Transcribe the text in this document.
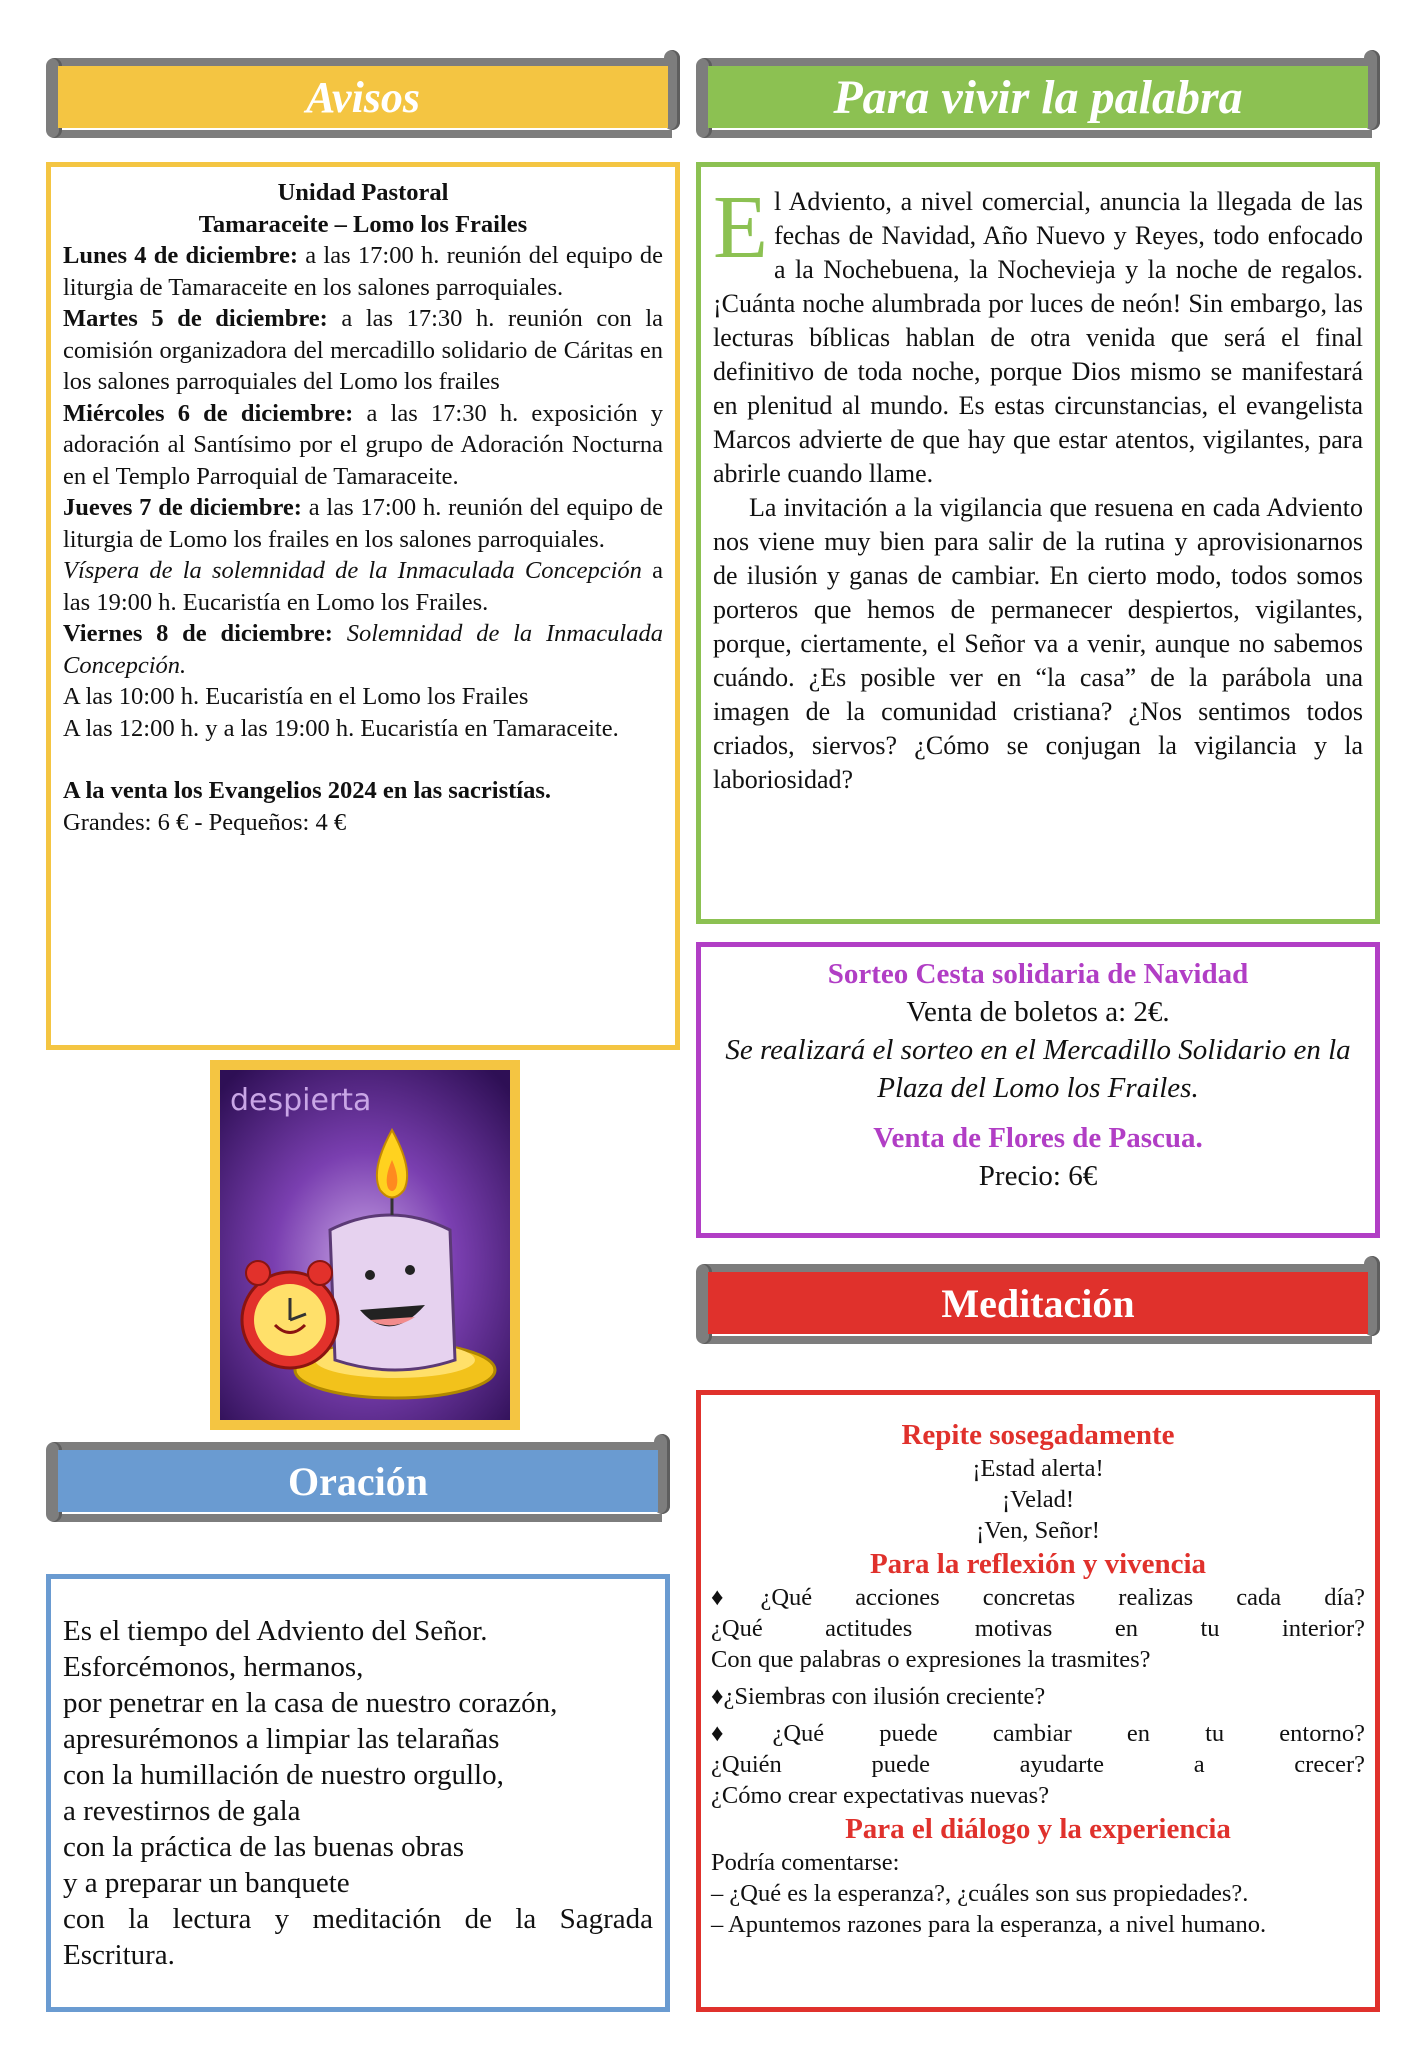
Avisos
Unidad Pastoral
Tamaraceite – Lomo los Frailes
Lunes 4 de diciembre: a las 17:00 h. reunión del equipo de liturgia de Tamaraceite en los salones parroquiales.
Martes 5 de diciembre: a las 17:30 h. reunión con la comisión organizadora del mercadillo solidario de Cáritas en los salones parroquiales del Lomo los frailes
Miércoles 6 de diciembre: a las 17:30 h. exposición y adoración al Santísimo por el grupo de Adoración Nocturna en el Templo Parroquial de Tamaraceite.
Jueves 7 de diciembre: a las 17:00 h. reunión del equipo de liturgia de Lomo los frailes en los salones parroquiales.
Víspera de la solemnidad de la Inmaculada Concepción a las 19:00 h. Eucaristía en Lomo los Frailes.
Viernes 8 de diciembre: Solemnidad de la Inmaculada Concepción.
A las 10:00 h. Eucaristía en el Lomo los Frailes
A las 12:00 h. y a las 19:00 h. Eucaristía en Tamaraceite.
A la venta los Evangelios 2024 en las sacristías.
Grandes: 6 € - Pequeños: 4 €
despierta
Oración
Es el tiempo del Adviento del Señor.
Esforcémonos, hermanos,
por penetrar en la casa de nuestro corazón,
apresurémonos a limpiar las telarañas
con la humillación de nuestro orgullo,
a revestirnos de gala
con la práctica de las buenas obras
y a preparar un banquete
con la lectura y meditación de la Sagrada Escritura.
Para vivir la palabra

El Adviento, a nivel comercial, anuncia la llegada de las fechas de Navidad, Año Nuevo y Reyes, todo enfocado a la Nochebuena, la Nochevieja y la noche de regalos. ¡Cuánta noche alumbrada por luces de neón! Sin embargo, las lecturas bíblicas hablan de otra venida que será el final definitivo de toda noche, porque Dios mismo se manifestará en plenitud al mundo. Es estas circunstancias, el evangelista Marcos advierte de que hay que estar atentos, vigilantes, para abrirle cuando llame.

La invitación a la vigilancia que resuena en cada Adviento nos viene muy bien para salir de la rutina y aprovisionarnos de ilusión y ganas de cambiar. En cierto modo, todos somos porteros que hemos de permanecer despiertos, vigilantes, porque, ciertamente, el Señor va a venir, aunque no sabemos cuándo. ¿Es posible ver en “la casa” de la parábola una imagen de la comunidad cristiana? ¿Nos sentimos todos criados, siervos? ¿Cómo se conjugan la vigilancia y la laboriosidad?

Sorteo Cesta solidaria de Navidad
Venta de boletos a: 2€.
Se realizará el sorteo en el Mercadillo Solidario en la Plaza del Lomo los Frailes.
Venta de Flores de Pascua.
Precio: 6€
Meditación
Repite sosegadamente
¡Estad alerta!
¡Velad!
¡Ven, Señor!
Para la reflexión y vivencia
♦¿Qué acciones concretas realizas cada día?
¿Qué actitudes motivas en tu interior?
Con que palabras o expresiones la trasmites?
♦¿Siembras con ilusión creciente?
♦¿Qué puede cambiar en tu entorno?
¿Quién puede ayudarte a crecer?
¿Cómo crear expectativas nuevas?
Para el diálogo y la experiencia
Podría comentarse:
– ¿Qué es la esperanza?, ¿cuáles son sus propiedades?.
– Apuntemos razones para la esperanza, a nivel humano.
